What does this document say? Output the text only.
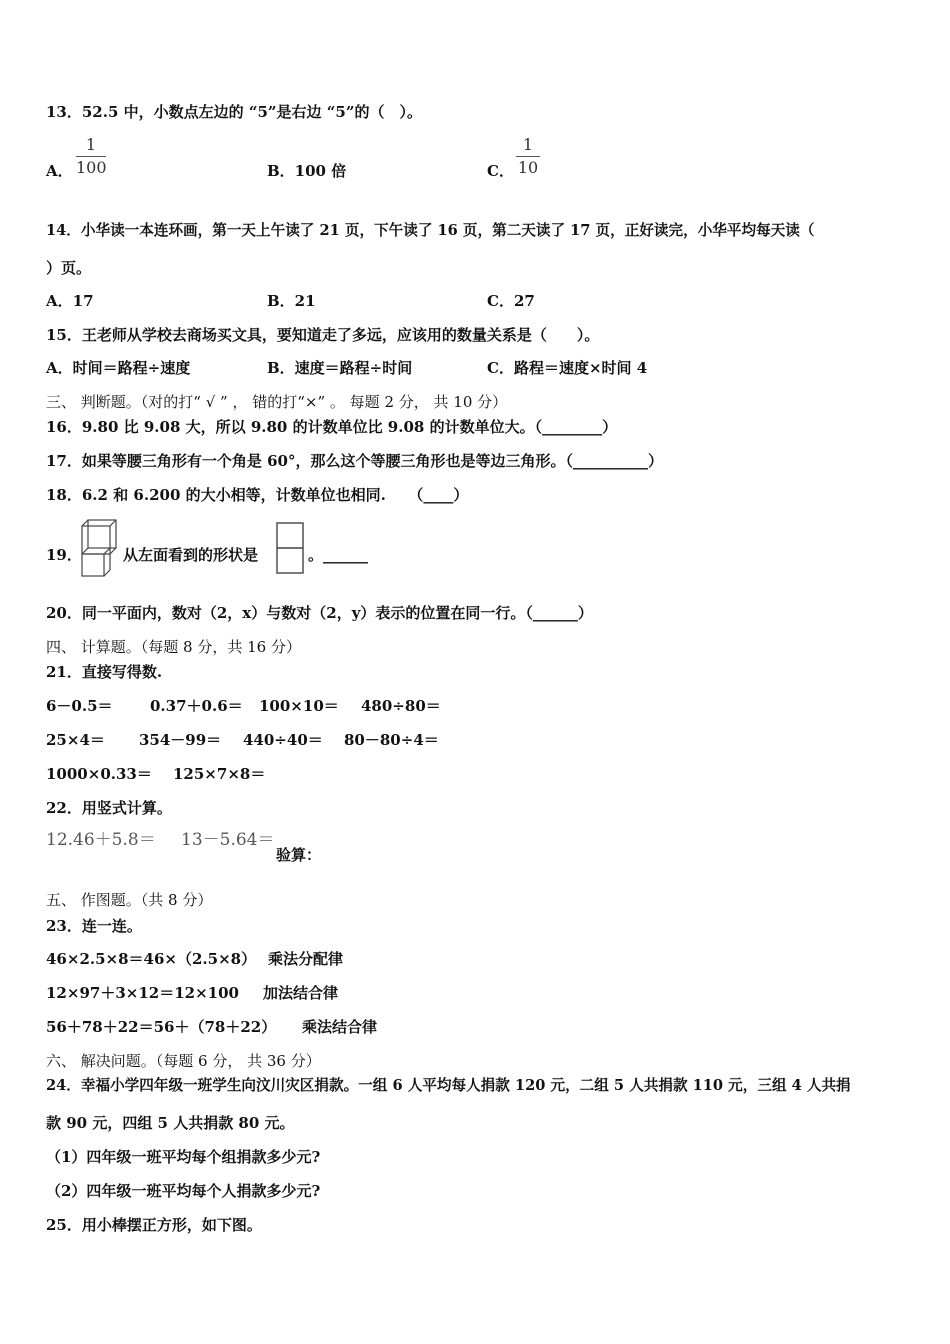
13．52.5 中，小数点左边的 “5”是右边 “5”的（　）。
A．
1
100	B．100 倍	C．
1
10
14．小华读一本连环画，第一天上午读了 21 页，下午读了 16 页，第二天读了 17 页，正好读完，小华平均每天读（
）页。
A．17	B．21	C．27
15．王老师从学校去商场买文具，要知道走了多远，应该用的数量关系是（　　）。
A．时间＝路程÷速度	B．速度＝路程÷时间	C．路程＝速度×时间 4
三、 判断题。（对的打“ √ ” ， 错的打“×” 。 每题 2 分， 共 10 分）
16．9.80 比 9.08 大，所以 9.80 的计数单位比 9.08 的计数单位大。（________）
17．如果等腰三角形有一个角是 60°，那么这个等腰三角形也是等边三角形。（__________）
18．6.2 和 6.200 的大小相等，计数单位也相同.　　（____）
19．	从左面看到的形状是	。______
20．同一平面内，数对（2，x）与数对（2，y）表示的位置在同一行。（______）
四、 计算题。（每题 8 分，共 16 分）
21．直接写得数.
6－0.5＝ 0.37＋0.6＝ 100×10＝ 480÷80＝
25×4＝ 354－99＝ 440÷40＝ 80－80÷4＝
1000×0.33＝ 125×7×8＝
22．用竖式计算。
12.46＋5.8＝ 13－5.64＝
验算：
五、 作图题。（共 8 分）
23．连一连。
46×2.5×8＝46×（2.5×8） 乘法分配律
12×97＋3×12＝12×100 加法结合律
56＋78＋22＝56＋（78＋22） 乘法结合律
六、 解决问题。（每题 6 分， 共 36 分）
24．幸福小学四年级一班学生向汶川灾区捐款。一组 6 人平均每人捐款 120 元，二组 5 人共捐款 110 元，三组 4 人共捐
款 90 元，四组 5 人共捐款 80 元。
（1）四年级一班平均每个组捐款多少元?
（2）四年级一班平均每个人捐款多少元?
25．用小棒摆正方形，如下图。
